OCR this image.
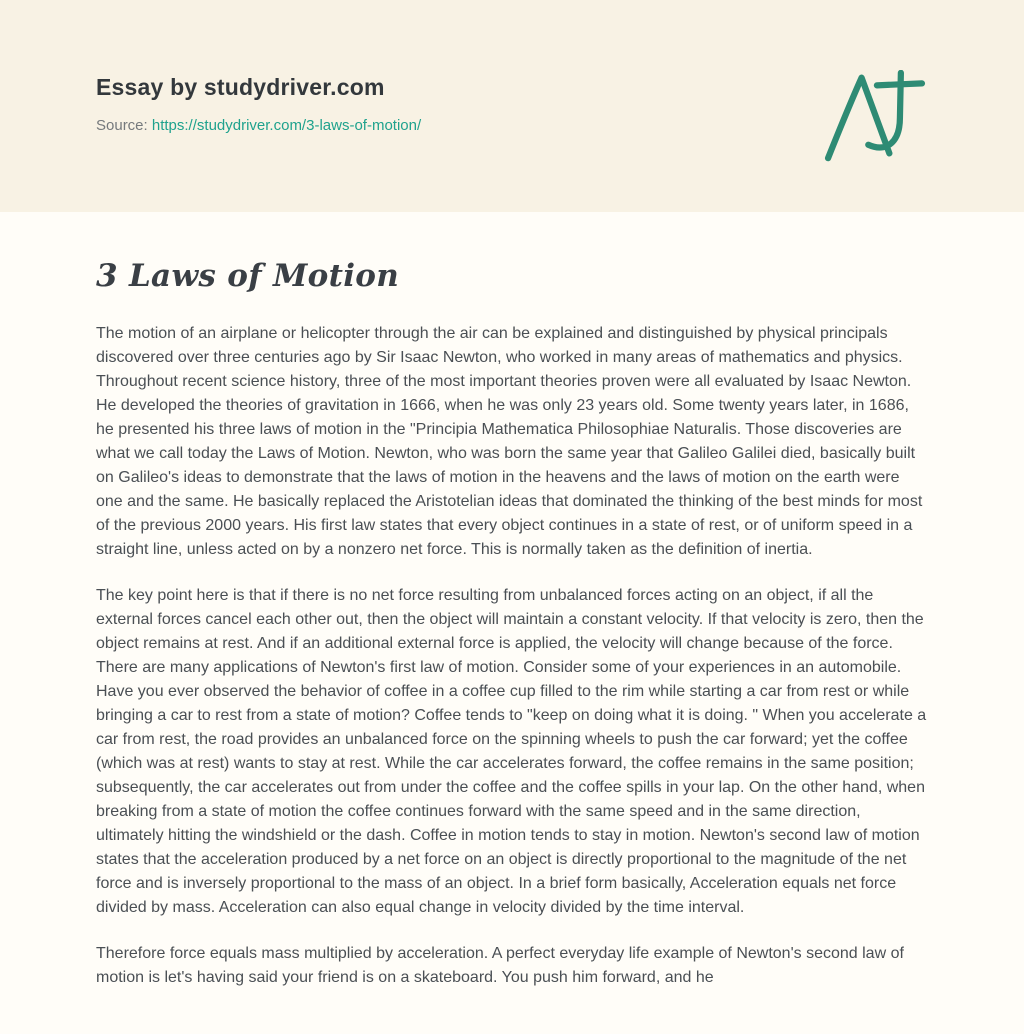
Essay by studydriver.com

Source: https://studydriver.com/3-laws-of-motion/

3 Laws of Motion

The motion of an airplane or helicopter through the air can be explained and distinguished by physical principals discovered over three centuries ago by Sir Isaac Newton, who worked in many areas of mathematics and physics. Throughout recent science history, three of the most important theories proven were all evaluated by Isaac Newton. He developed the theories of gravitation in 1666, when he was only 23 years old. Some twenty years later, in 1686, he presented his three laws of motion in the "Principia Mathematica Philosophiae Naturalis. Those discoveries are what we call today the Laws of Motion. Newton, who was born the same year that Galileo Galilei died, basically built on Galileo's ideas to demonstrate that the laws of motion in the heavens and the laws of motion on the earth were one and the same. He basically replaced the Aristotelian ideas that dominated the thinking of the best minds for most of the previous 2000 years. His first law states that every object continues in a state of rest, or of uniform speed in a straight line, unless acted on by a nonzero net force. This is normally taken as the definition of inertia.

The key point here is that if there is no net force resulting from unbalanced forces acting on an object, if all the external forces cancel each other out, then the object will maintain a constant velocity. If that velocity is zero, then the object remains at rest. And if an additional external force is applied, the velocity will change because of the force. There are many applications of Newton's first law of motion. Consider some of your experiences in an automobile. Have you ever observed the behavior of coffee in a coffee cup filled to the rim while starting a car from rest or while bringing a car to rest from a state of motion? Coffee tends to "keep on doing what it is doing. " When you accelerate a car from rest, the road provides an unbalanced force on the spinning wheels to push the car forward; yet the coffee (which was at rest) wants to stay at rest. While the car accelerates forward, the coffee remains in the same position; subsequently, the car accelerates out from under the coffee and the coffee spills in your lap. On the other hand, when breaking from a state of motion the coffee continues forward with the same speed and in the same direction, ultimately hitting the windshield or the dash. Coffee in motion tends to stay in motion. Newton's second law of motion states that the acceleration produced by a net force on an object is directly proportional to the magnitude of the net force and is inversely proportional to the mass of an object. In a brief form basically, Acceleration equals net force divided by mass. Acceleration can also equal change in velocity divided by the time interval.

Therefore force equals mass multiplied by acceleration. A perfect everyday life example of Newton's second law of motion is let's having said your friend is on a skateboard. You push him forward, and he
